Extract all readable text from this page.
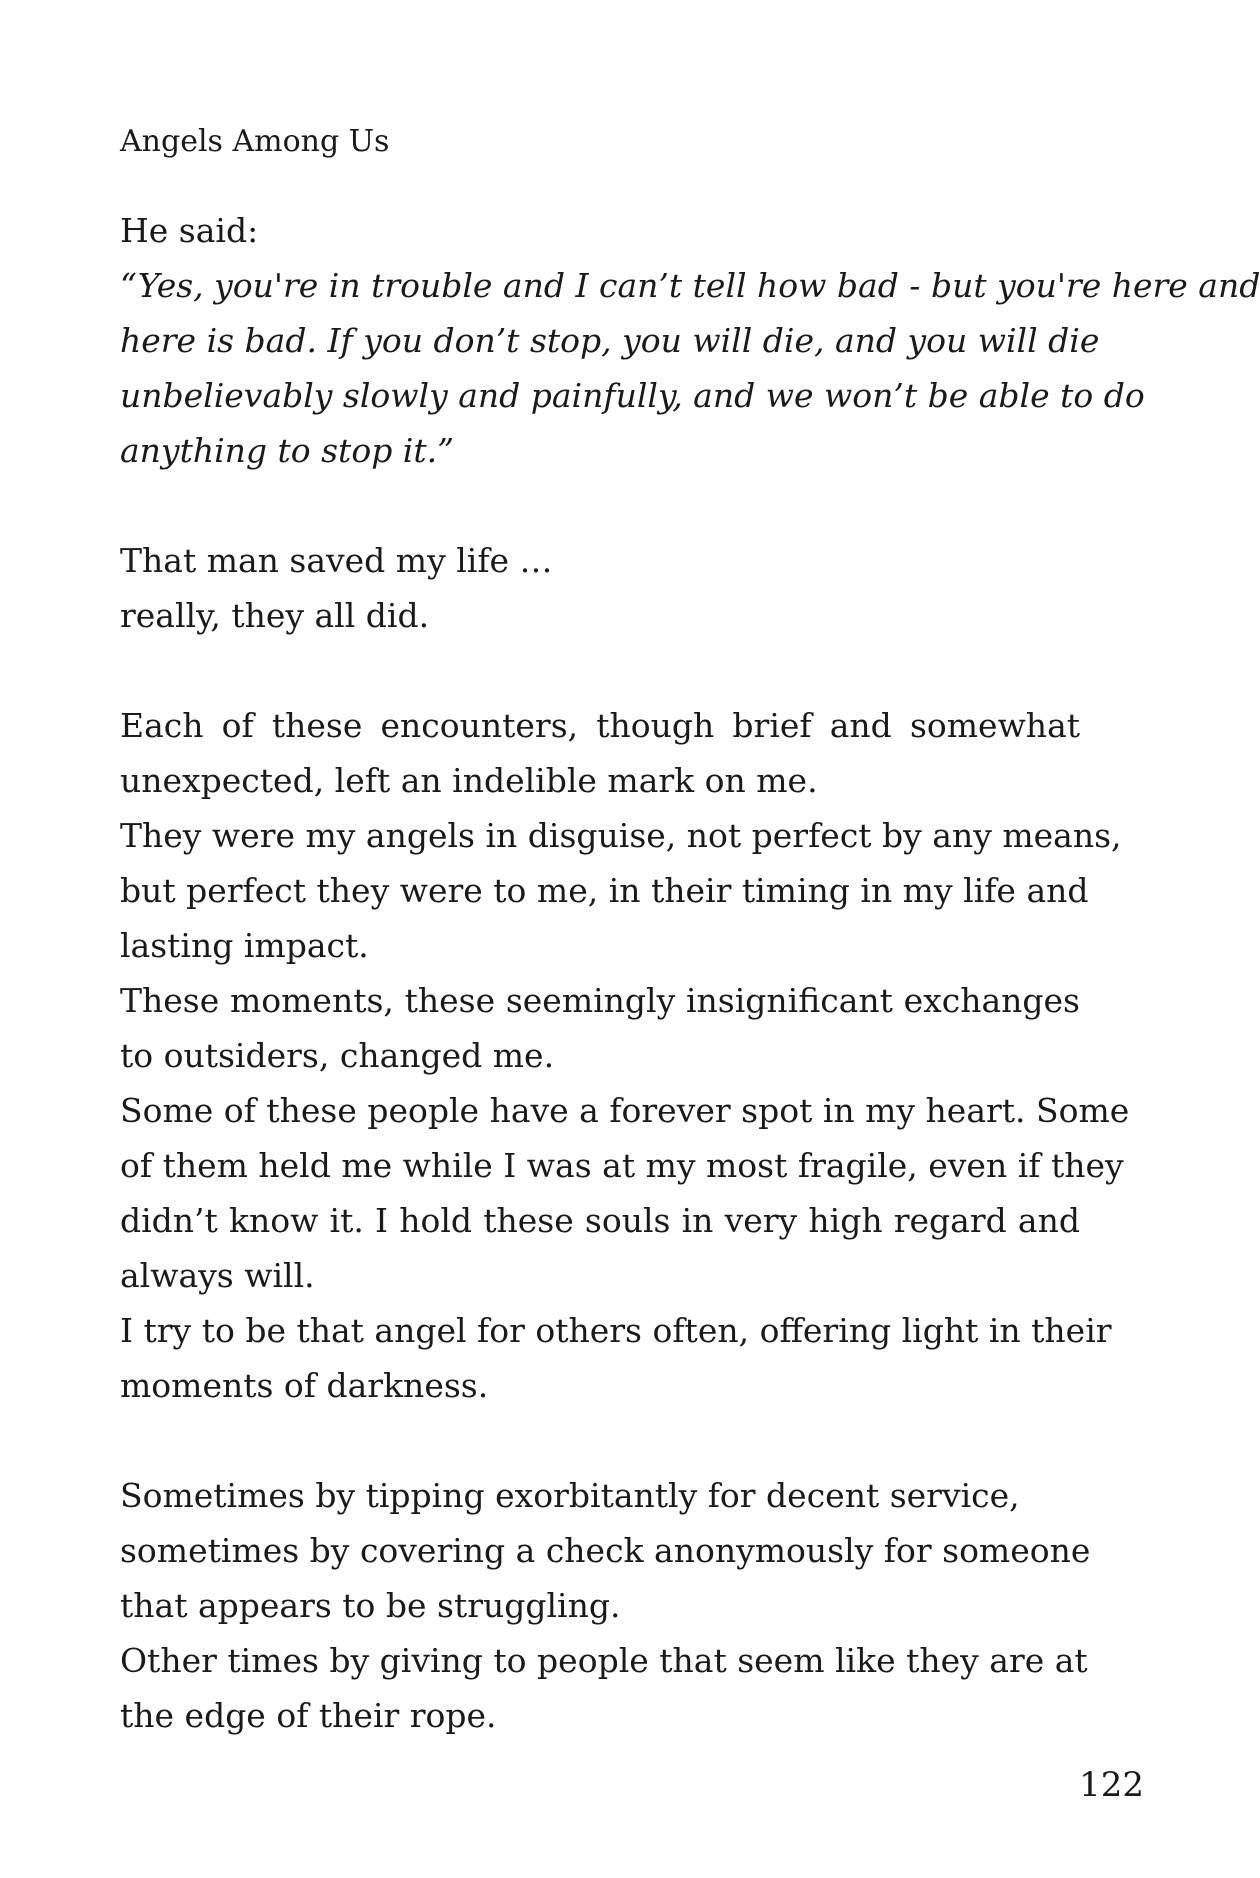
Angels Among Us
He said:
“Yes, you're in trouble and I can’t tell how bad - but you're here and
here is bad. If you don’t stop, you will die, and you will die
unbelievably slowly and painfully, and we won’t be able to do
anything to stop it.”
That man saved my life …
really, they all did.
Each of these encounters, though brief and somewhat
unexpected, left an indelible mark on me.
They were my angels in disguise, not perfect by any means,
but perfect they were to me, in their timing in my life and
lasting impact.
These moments, these seemingly insignificant exchanges
to outsiders, changed me.
Some of these people have a forever spot in my heart. Some
of them held me while I was at my most fragile, even if they
didn’t know it. I hold these souls in very high regard and
always will.
I try to be that angel for others often, offering light in their
moments of darkness.
Sometimes by tipping exorbitantly for decent service,
sometimes by covering a check anonymously for someone
that appears to be struggling.
Other times by giving to people that seem like they are at
the edge of their rope.
122
